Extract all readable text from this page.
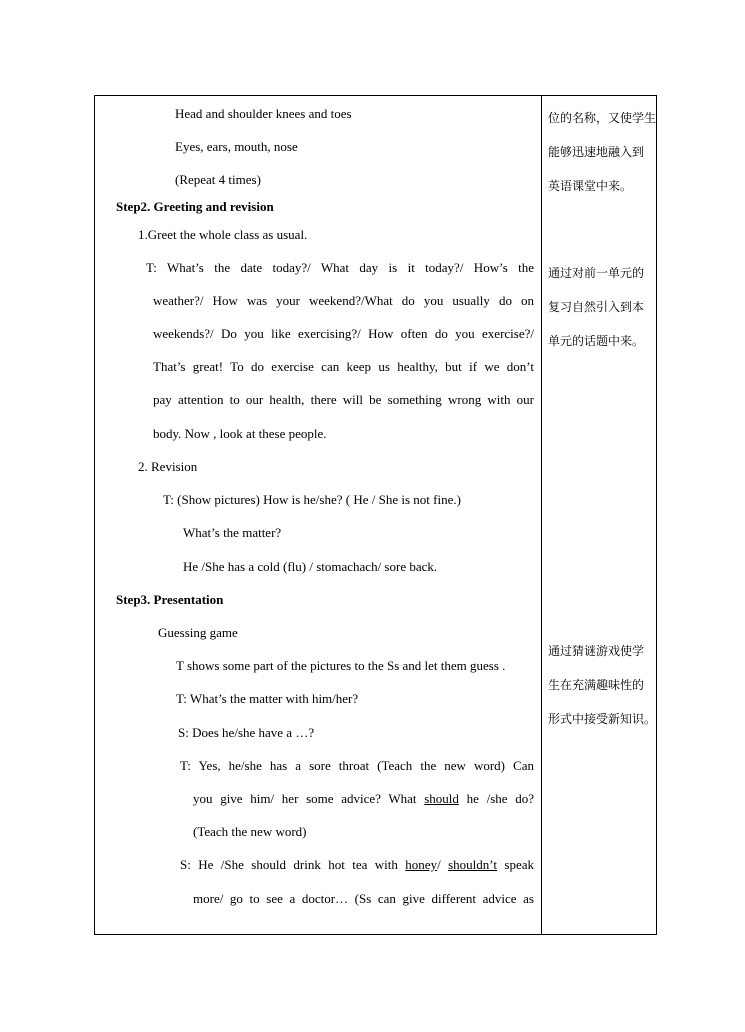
Head and shoulder knees and toes
Eyes, ears, mouth, nose
(Repeat 4 times)
Step2. Greeting and revision
1.Greet the whole class as usual.
T: What’s the date today?/ What day is it today?/ How’s the
weather?/ How was your weekend?/What do you usually do on
weekends?/ Do you like exercising?/ How often do you exercise?/
That’s great! To do exercise can keep us healthy, but if we don’t
pay attention to our health, there will be something wrong with our
body. Now , look at these people.
2. Revision
T: (Show pictures) How is he/she? ( He / She is not fine.)
What’s the matter?
He /She has a cold (flu) / stomachach/ sore back.
Step3. Presentation
Guessing game
T shows some part of the pictures to the Ss and let them guess .
T: What’s the matter with him/her?
S: Does he/she have a …?
T: Yes, he/she has a sore throat (Teach the new word) Can
you give him/ her some advice? What should he /she do?
(Teach the new word)
S: He /She should drink hot tea with honey/ shouldn’t speak
more/ go to see a doctor… (Ss can give different advice as
位的名称，又使学生
能够迅速地融入到
英语课堂中来。
通过对前一单元的
复习自然引入到本
单元的话题中来。
通过猜谜游戏使学
生在充满趣味性的
形式中接受新知识。
